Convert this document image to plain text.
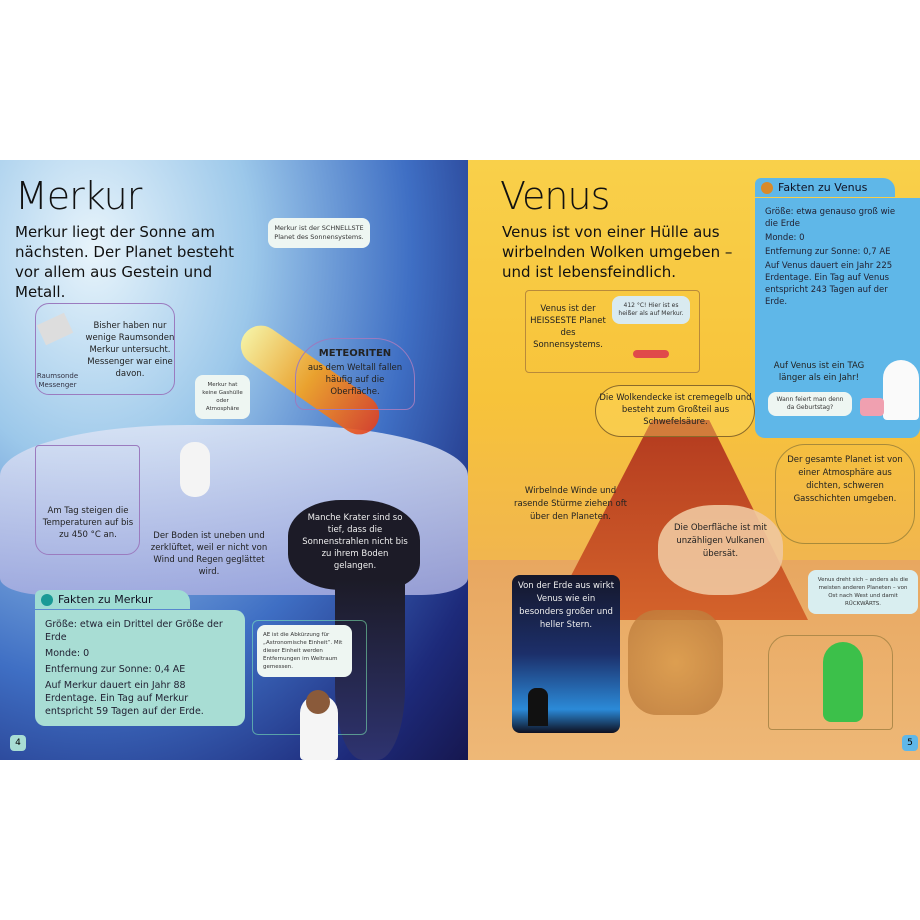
Merkur
Merkur liegt der Sonne am nächsten. Der Planet besteht vor allem aus Gestein und Metall.
Merkur ist der SCHNELLSTE Planet des Sonnensystems.
Raumsonde Messenger
Bisher haben nur wenige Raumsonden Merkur untersucht. Messenger war eine davon.
METEORITEN
aus dem Weltall fallen häufig auf die Oberfläche.
Merkur hat keine Gashülle oder Atmosphäre
Am Tag steigen die Temperaturen auf bis zu 450 °C an.	Der Boden ist uneben und zerklüftet, weil er nicht von Wind und Regen geglättet wird.
Manche Krater sind so tief, dass die Sonnenstrahlen nicht bis zu ihrem Boden gelangen.
Fakten zu Merkur
Größe: etwa ein Drittel der Größe der Erde
Monde: 0
Entfernung zur Sonne: 0,4 AE
Auf Merkur dauert ein Jahr 88 Erdentage. Ein Tag auf Merkur entspricht 59 Tagen auf der Erde.
AE ist die Abkürzung für „Astronomische Einheit“. Mit dieser Einheit werden Entfernungen im Weltraum gemessen.
4
Venus
Venus ist von einer Hülle aus wirbelnden Wolken umgeben – und ist lebensfeindlich.
Venus ist der HEISSESTE Planet des Sonnensystems.
412 °C! Hier ist es heißer als auf Merkur.
Fakten zu Venus
Größe: etwa genauso groß wie die Erde
Monde: 0
Entfernung zur Sonne: 0,7 AE
Auf Venus dauert ein Jahr 225 Erdentage. Ein Tag auf Venus entspricht 243 Tagen auf der Erde.
Auf Venus ist ein TAG länger als ein Jahr!
Wann feiert man denn da Geburtstag?
Die Wolkendecke ist cremegelb und besteht zum Großteil aus Schwefelsäure.
Der gesamte Planet ist von einer Atmosphäre aus dichten, schweren Gasschichten umgeben.
Wirbelnde Winde und rasende Stürme ziehen oft über den Planeten.
Die Oberfläche ist mit unzähligen Vulkanen übersät.
Von der Erde aus wirkt Venus wie ein besonders großer und heller Stern.
Venus dreht sich – anders als die meisten anderen Planeten – von Ost nach West und damit RÜCKWÄRTS.
5
